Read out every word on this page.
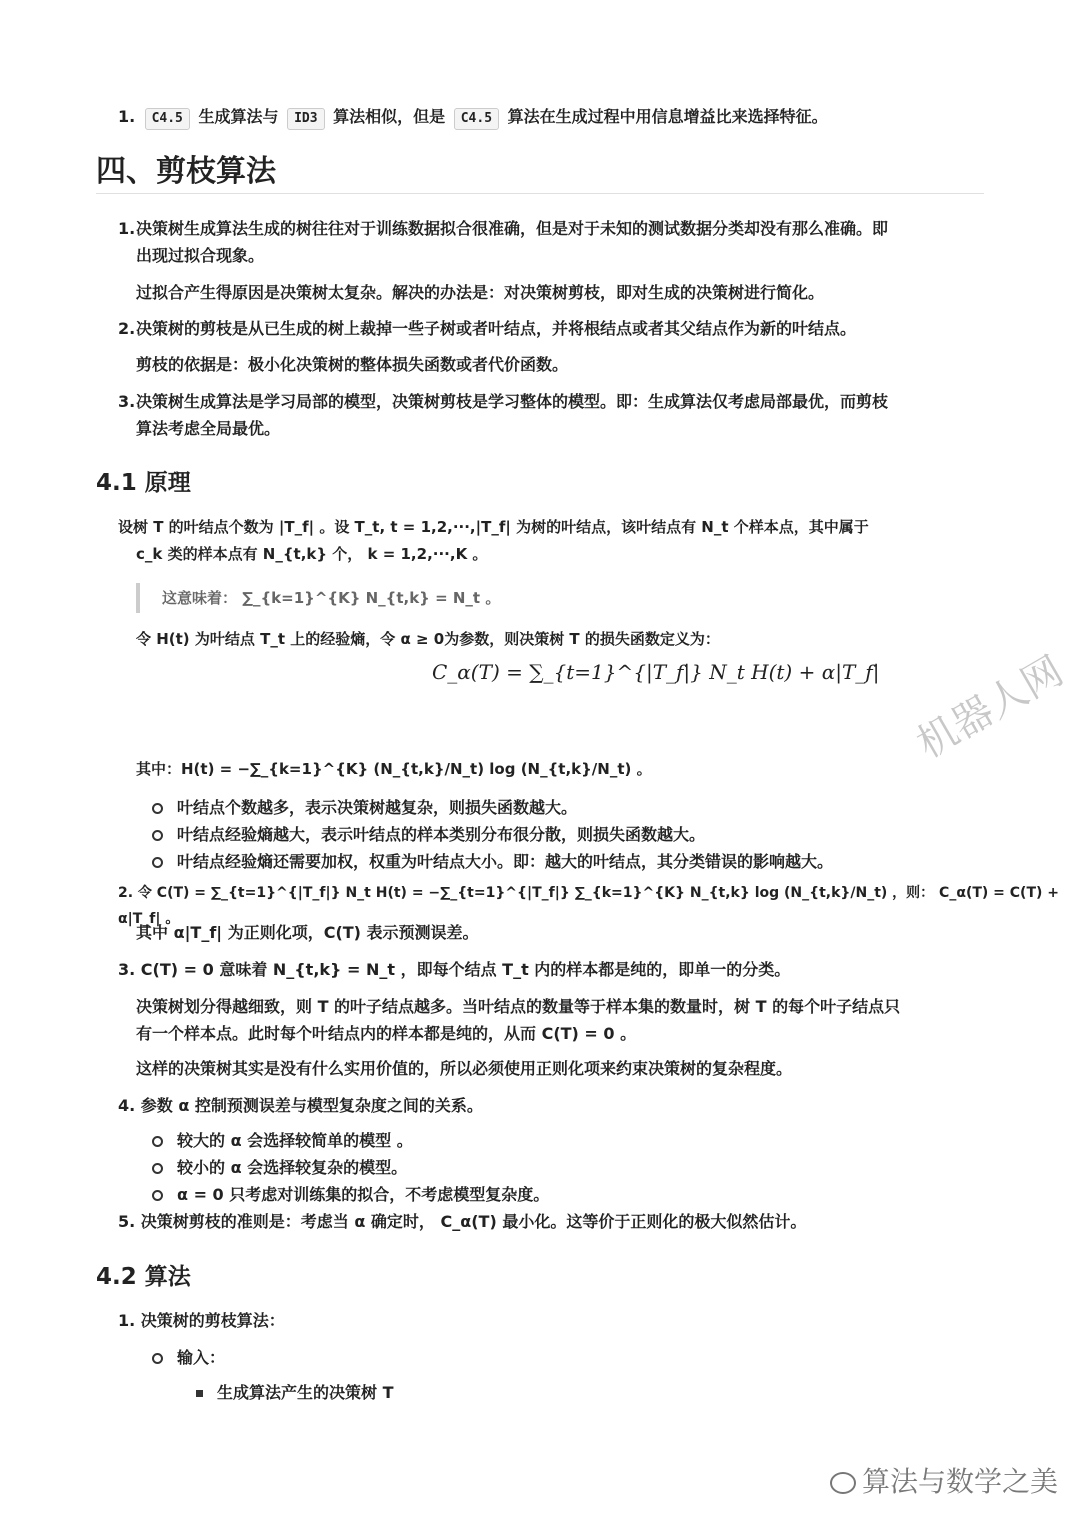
1. C4.5 生成算法与 ID3 算法相似，但是 C4.5 算法在生成过程中用信息增益比来选择特征。
四、剪枝算法
1.决策树生成算法生成的树往往对于训练数据拟合很准确，但是对于未知的测试数据分类却没有那么准确。即
出现过拟合现象。
过拟合产生得原因是决策树太复杂。解决的办法是：对决策树剪枝，即对生成的决策树进行简化。
2.决策树的剪枝是从已生成的树上裁掉一些子树或者叶结点，并将根结点或者其父结点作为新的叶结点。
剪枝的依据是：极小化决策树的整体损失函数或者代价函数。
3.决策树生成算法是学习局部的模型，决策树剪枝是学习整体的模型。即：生成算法仅考虑局部最优，而剪枝
算法考虑全局最优。
4.1 原理
设树 T 的叶结点个数为 |T_f| 。设 T_t, t = 1,2,···,|T_f| 为树的叶结点，该叶结点有 N_t 个样本点，其中属于
c_k 类的样本点有 N_{t,k} 个， k = 1,2,···,K 。
这意味着： ∑_{k=1}^{K} N_{t,k} = N_t 。
令 H(t) 为叶结点 T_t 上的经验熵，令 α ≥ 0为参数，则决策树 T 的损失函数定义为：
C_α(T) = ∑_{t=1}^{|T_f|} N_t H(t) + α|T_f|
其中：H(t) = −∑_{k=1}^{K} (N_{t,k}/N_t) log (N_{t,k}/N_t) 。
叶结点个数越多，表示决策树越复杂，则损失函数越大。
叶结点经验熵越大，表示叶结点的样本类别分布很分散，则损失函数越大。
叶结点经验熵还需要加权，权重为叶结点大小。即：越大的叶结点，其分类错误的影响越大。
2. 令 C(T) = ∑_{t=1}^{|T_f|} N_t H(t) = −∑_{t=1}^{|T_f|} ∑_{k=1}^{K} N_{t,k} log (N_{t,k}/N_t) ，则： C_α(T) = C(T) + α|T_f| 。
其中 α|T_f| 为正则化项，C(T) 表示预测误差。
3. C(T) = 0 意味着 N_{t,k} = N_t ，即每个结点 T_t 内的样本都是纯的，即单一的分类。
决策树划分得越细致，则 T 的叶子结点越多。当叶结点的数量等于样本集的数量时，树 T 的每个叶子结点只
有一个样本点。此时每个叶结点内的样本都是纯的，从而 C(T) = 0 。
这样的决策树其实是没有什么实用价值的，所以必须使用正则化项来约束决策树的复杂程度。
4. 参数 α 控制预测误差与模型复杂度之间的关系。
较大的 α 会选择较简单的模型 。
较小的 α 会选择较复杂的模型。
α = 0 只考虑对训练集的拟合，不考虑模型复杂度。
5. 决策树剪枝的准则是：考虑当 α 确定时， C_α(T) 最小化。这等价于正则化的极大似然估计。
4.2 算法
1. 决策树的剪枝算法：
输入：
生成算法产生的决策树 T
机器人网
算法与数学之美
